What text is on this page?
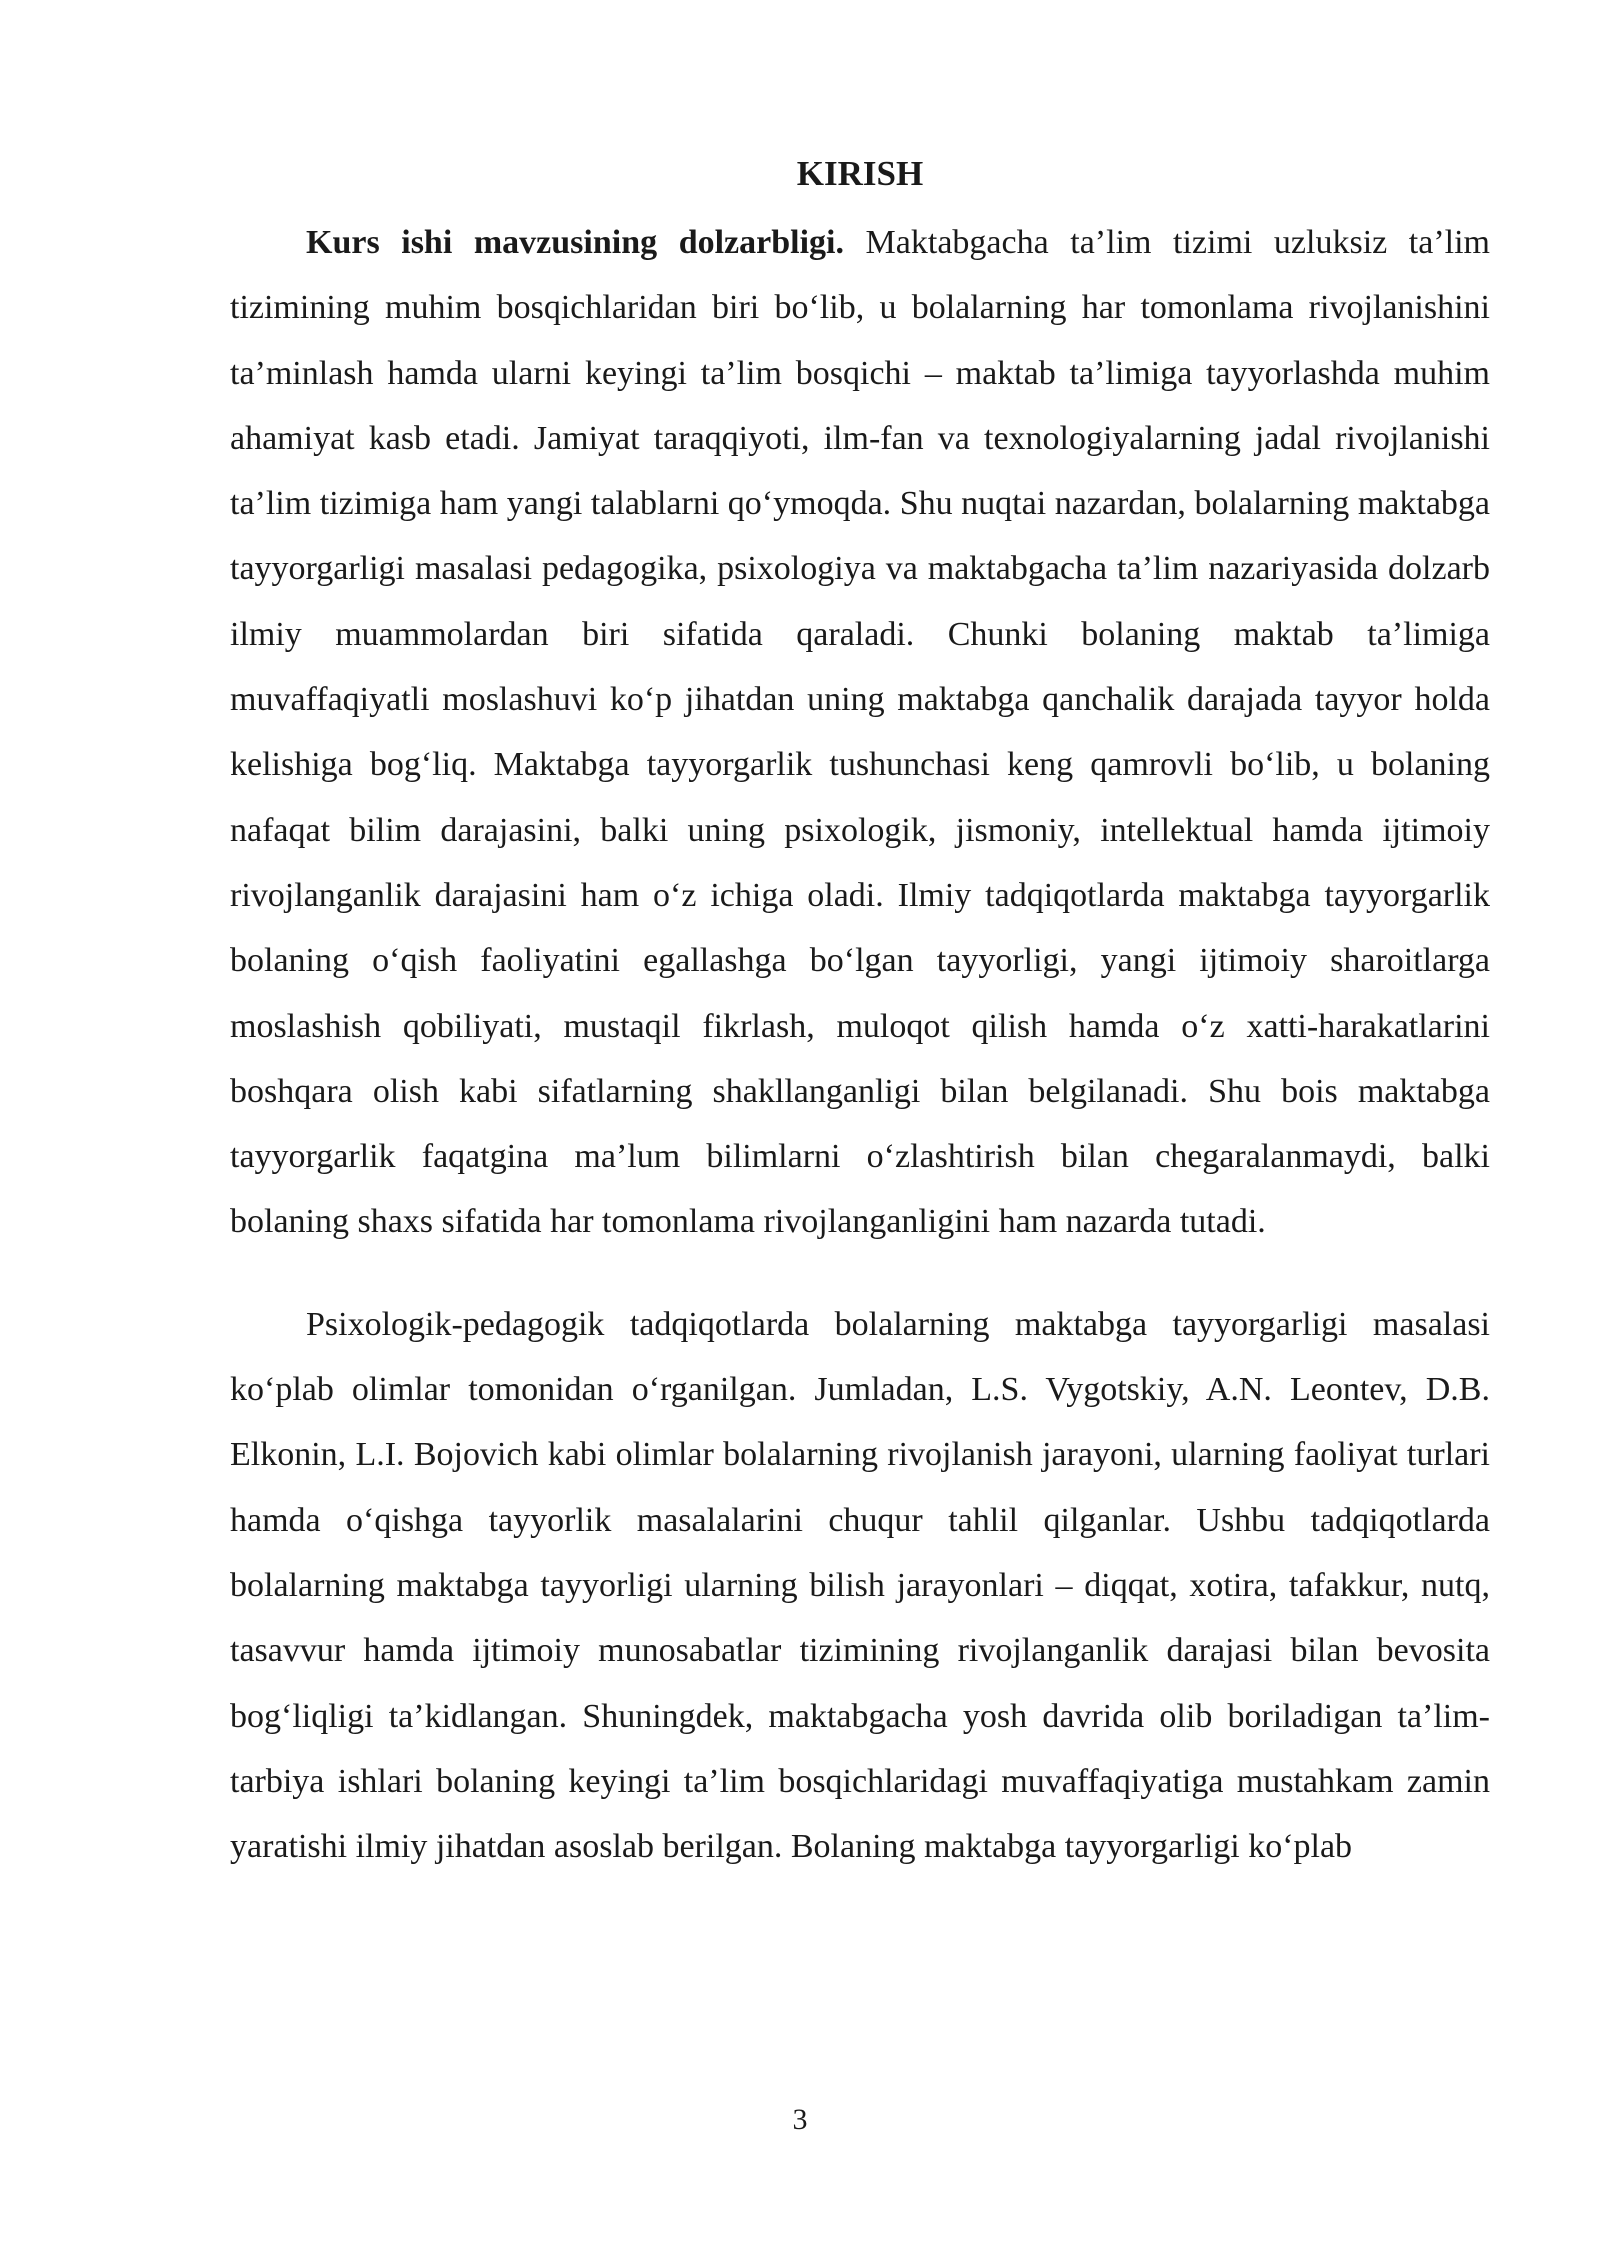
KIRISH

Kurs ishi mavzusining dolzarbligi. Maktabgacha ta’lim tizimi uzluksiz ta’lim tizimining muhim bosqichlaridan biri bo‘lib, u bolalarning har tomonlama rivojlanishini ta’minlash hamda ularni keyingi ta’lim bosqichi – maktab ta’limiga tayyorlashda muhim ahamiyat kasb etadi. Jamiyat taraqqiyoti, ilm-fan va texnologiyalarning jadal rivojlanishi ta’lim tizimiga ham yangi talablarni qo‘ymoqda. Shu nuqtai nazardan, bolalarning maktabga tayyorgarligi masalasi pedagogika, psixologiya va maktabgacha ta’lim nazariyasida dolzarb ilmiy muammolardan biri sifatida qaraladi. Chunki bolaning maktab ta’limiga muvaffaqiyatli moslashuvi ko‘p jihatdan uning maktabga qanchalik darajada tayyor holda kelishiga bog‘liq. Maktabga tayyorgarlik tushunchasi keng qamrovli bo‘lib, u bolaning nafaqat bilim darajasini, balki uning psixologik, jismoniy, intellektual hamda ijtimoiy rivojlanganlik darajasini ham o‘z ichiga oladi. Ilmiy tadqiqotlarda maktabga tayyorgarlik bolaning o‘qish faoliyatini egallashga bo‘lgan tayyorligi, yangi ijtimoiy sharoitlarga moslashish qobiliyati, mustaqil fikrlash, muloqot qilish hamda o‘z xatti-harakatlarini boshqara olish kabi sifatlarning shakllanganligi bilan belgilanadi. Shu bois maktabga tayyorgarlik faqatgina ma’lum bilimlarni o‘zlashtirish bilan chegaralanmaydi, balki bolaning shaxs sifatida har tomonlama rivojlanganligini ham nazarda tutadi.

Psixologik-pedagogik tadqiqotlarda bolalarning maktabga tayyorgarligi masalasi ko‘plab olimlar tomonidan o‘rganilgan. Jumladan, L.S. Vygotskiy, A.N. Leontev, D.B. Elkonin, L.I. Bojovich kabi olimlar bolalarning rivojlanish jarayoni, ularning faoliyat turlari hamda o‘qishga tayyorlik masalalarini chuqur tahlil qilganlar. Ushbu tadqiqotlarda bolalarning maktabga tayyorligi ularning bilish jarayonlari – diqqat, xotira, tafakkur, nutq, tasavvur hamda ijtimoiy munosabatlar tizimining rivojlanganlik darajasi bilan bevosita bog‘liqligi ta’kidlangan. Shuningdek, maktabgacha yosh davrida olib boriladigan ta’lim-tarbiya ishlari bolaning keyingi ta’lim bosqichlaridagi muvaffaqiyatiga mustahkam zamin yaratishi ilmiy jihatdan asoslab berilgan. Bolaning maktabga tayyorgarligi ko‘plab

3
